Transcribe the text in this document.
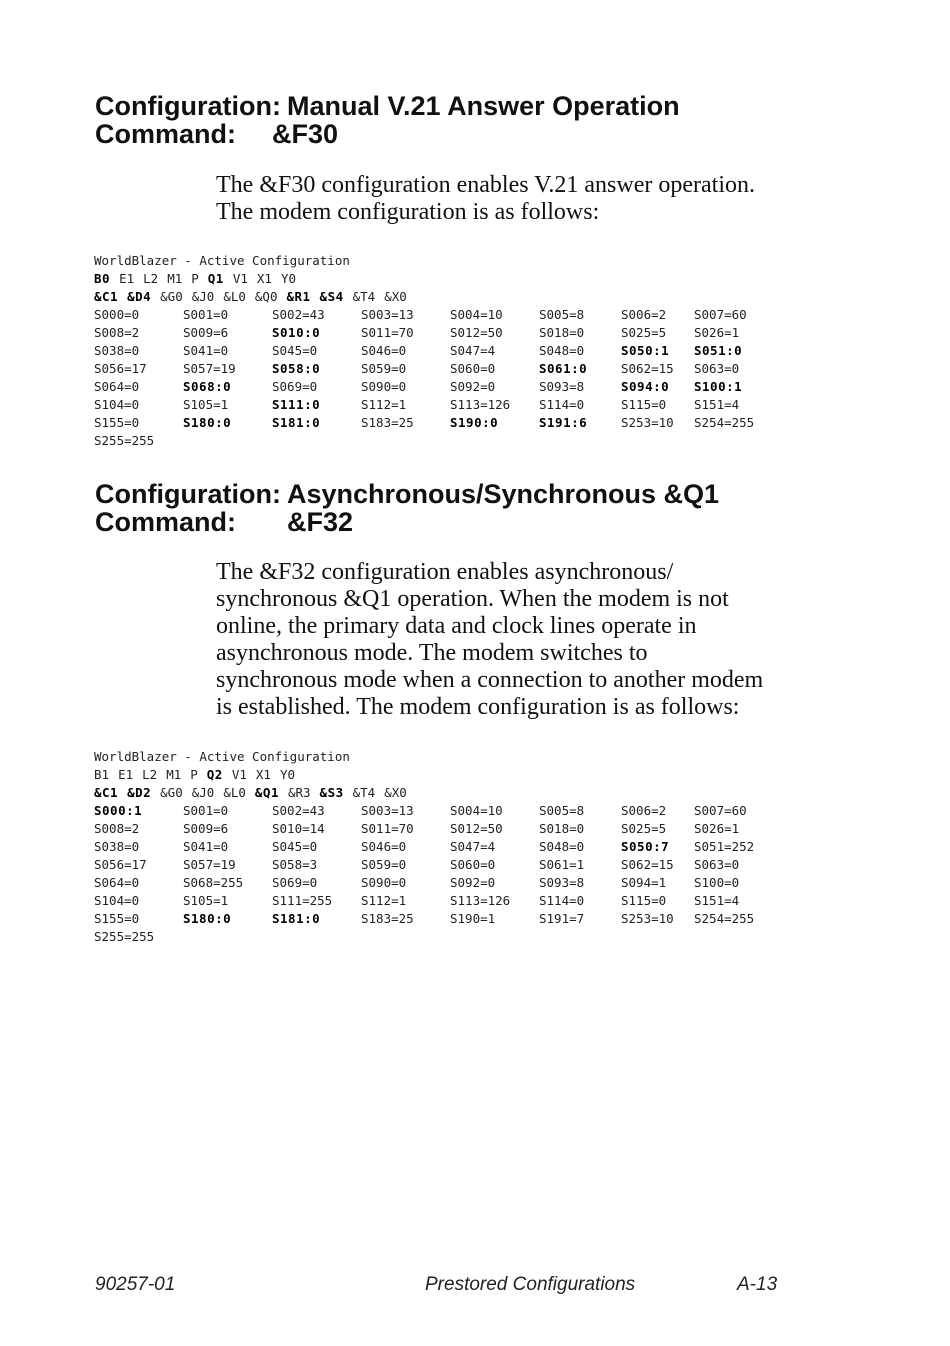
Configuration: Manual V.21 Answer Operation
Command: &F30
The &F30 configuration enables V.21 answer operation.
The modem configuration is as follows:
WorldBlazer - Active Configuration
B0 E1 L2 M1 P Q1 V1 X1 Y0
&C1 &D4 &G0 &J0 &L0 &Q0 &R1 &S4 &T4 &X0
S000=0	S001=0	S002=43	S003=13	S004=10	S005=8	S006=2 S007=60
S008=2	S009=6	S010:0	S011=70	S012=50	S018=0	S025=5 S026=1
S038=0	S041=0	S045=0	S046=0	S047=4	S048=0	S050:1 S051:0
S056=17	S057=19	S058:0	S059=0	S060=0	S061:0	S062=15 S063=0
S064=0	S068:0	S069=0	S090=0	S092=0	S093=8	S094:0 S100:1
S104=0	S105=1	S111:0	S112=1	S113=126 S114=0	S115=0 S151=4
S155=0	S180:0	S181:0	S183=25	S190:0	S191:6	S253=10 S254=255
S255=255
Configuration: Asynchronous/Synchronous &Q1
Command: &F32
The &F32 configuration enables asynchronous/
synchronous &Q1 operation. When the modem is not
online, the primary data and clock lines operate in
asynchronous mode. The modem switches to
synchronous mode when a connection to another modem
is established. The modem configuration is as follows:
WorldBlazer - Active Configuration
B1 E1 L2 M1 P Q2 V1 X1 Y0
&C1 &D2 &G0 &J0 &L0 &Q1 &R3 &S3 &T4 &X0
S000:1	S001=0	S002=43	S003=13	S004=10	S005=8	S006=2 S007=60
S008=2	S009=6	S010=14	S011=70	S012=50	S018=0	S025=5 S026=1
S038=0	S041=0	S045=0	S046=0	S047=4	S048=0	S050:7 S051=252
S056=17	S057=19	S058=3	S059=0	S060=0	S061=1	S062=15 S063=0
S064=0	S068=255 S069=0	S090=0	S092=0	S093=8	S094=1 S100=0
S104=0	S105=1	S111=255 S112=1	S113=126 S114=0	S115=0 S151=4
S155=0	S180:0	S181:0	S183=25	S190=1	S191=7	S253=10 S254=255
S255=255
90257-01	Prestored Configurations	A-13
